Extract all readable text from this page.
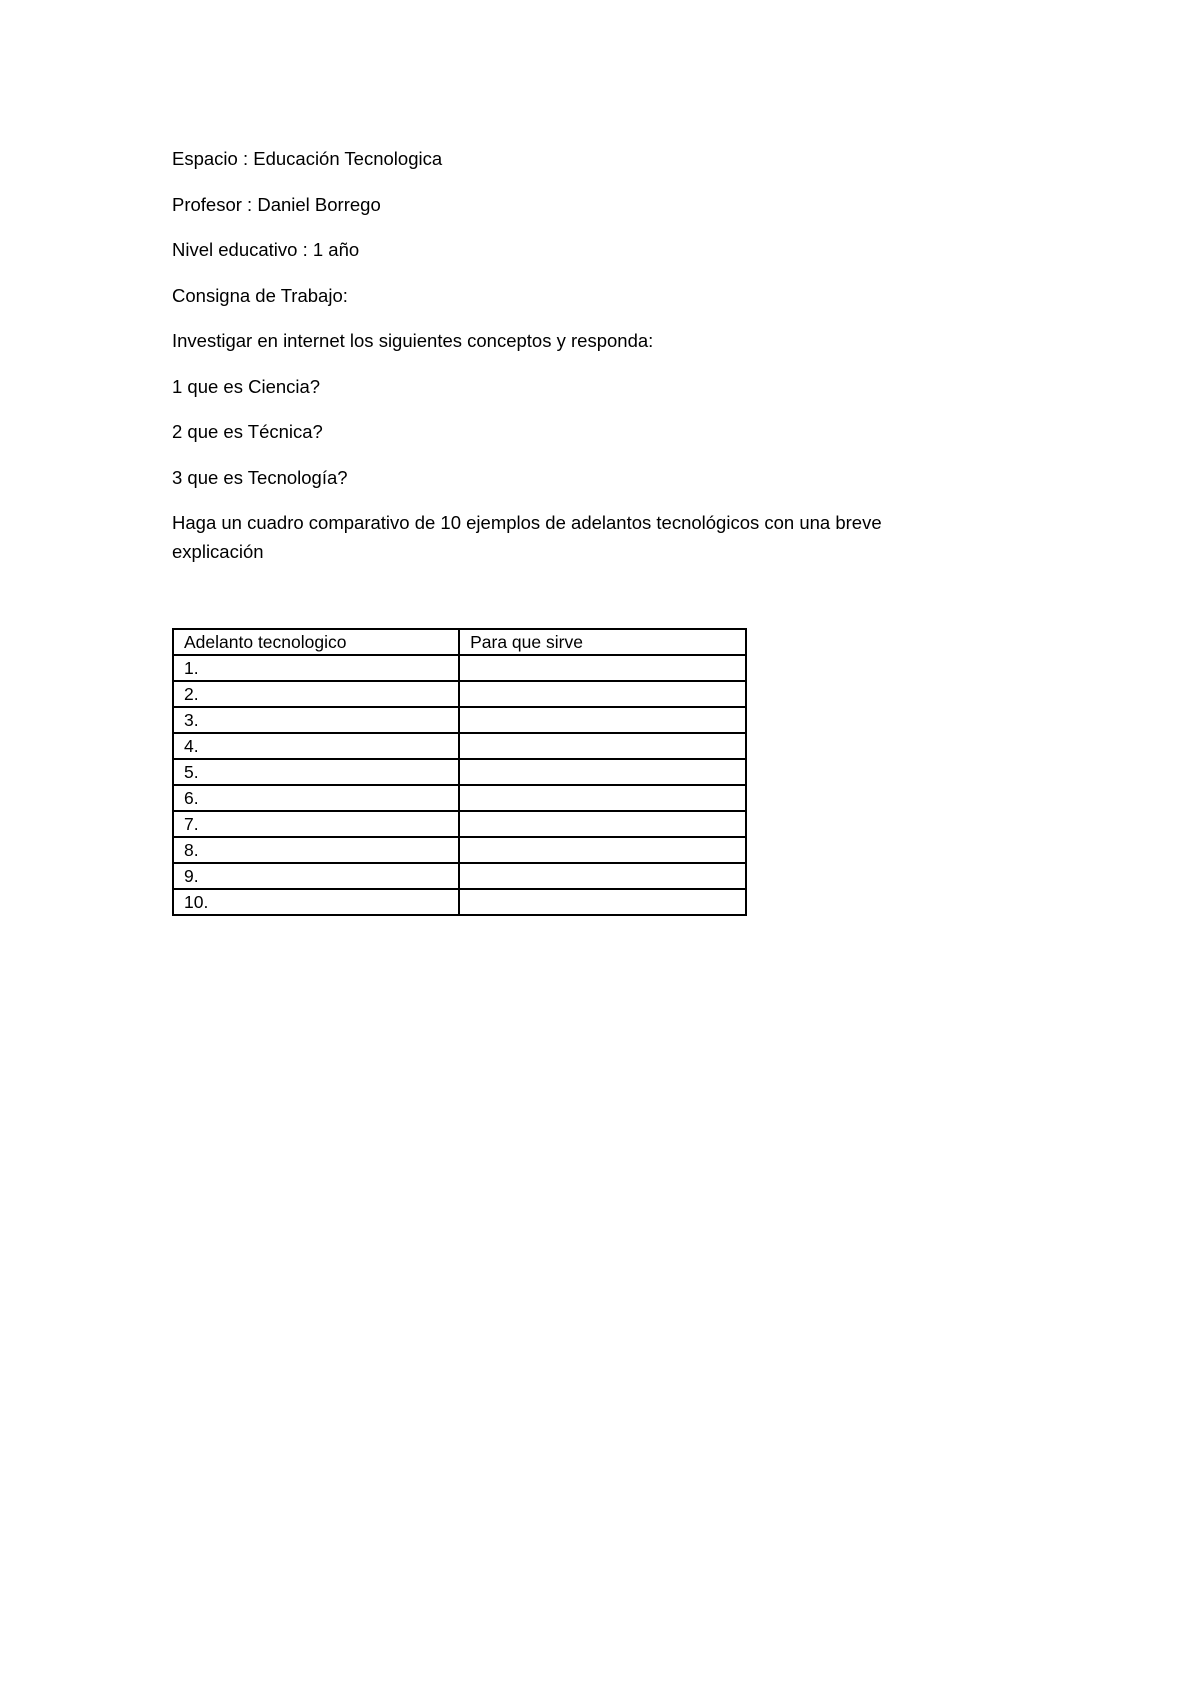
Espacio : Educación Tecnologica

Profesor : Daniel Borrego

Nivel educativo : 1 año

Consigna de Trabajo:

Investigar en internet los siguientes conceptos y responda:

1 que es Ciencia?

2 que es Técnica?

3 que es Tecnología?

Haga un cuadro comparativo de 10 ejemplos de adelantos tecnológicos con una breve explicación

Adelanto tecnologico	Para que sirve
1.	
2.	
3.	
4.	
5.	
6.	
7.	
8.	
9.	
10.	
